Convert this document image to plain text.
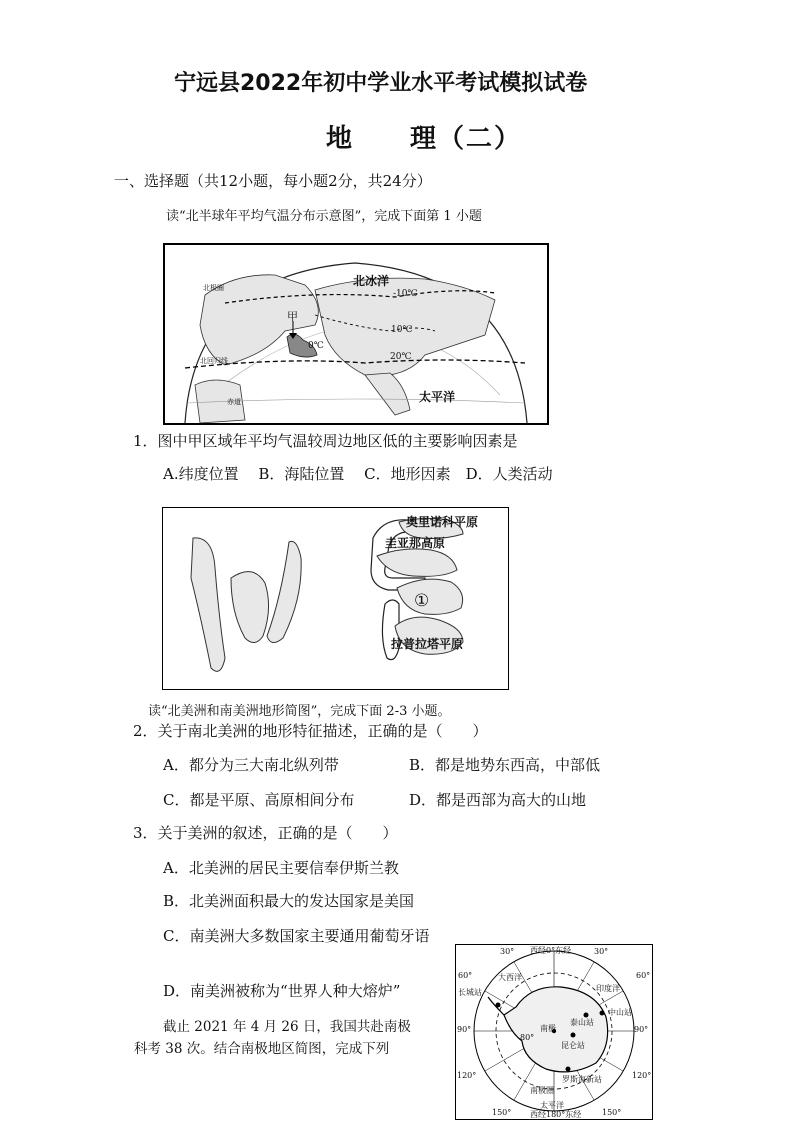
宁远县2022年初中学业水平考试模拟试卷
地　　理（二）
一、选择题（共12小题，每小题2分，共24分）
读“北半球年平均气温分布示意图”，完成下面第 1 小题
北冰洋
太平洋
甲
-10℃
10℃
0℃
20℃
北极圈
北回归线
赤道
1．图中甲区域年平均气温较周边地区低的主要影响因素是
A.纬度位置　 B．海陆位置　 C．地形因素　D．人类活动
奥里诺科平原
圭亚那高原
①
拉普拉塔平原
读“北美洲和南美洲地形简图”，完成下面 2-3 小题。
2．关于南北美洲的地形特征描述，正确的是（　　）
A．都分为三大南北纵列带	B．都是地势东西高，中部低
C．都是平原、高原相间分布	D．都是西部为高大的山地
3．关于美洲的叙述，正确的是（　　）
A．北美洲的居民主要信奉伊斯兰教
B．北美洲面积最大的发达国家是美国
C．南美洲大多数国家主要通用葡萄牙语
D．南美洲被称为“世界人种大熔炉”
截止 2021 年 4 月 26 日，我国共赴南极
科考 38 次。结合南极地区简图，完成下列
西经0°东经
西经180°东经
30°	30°
60°	60°
90°	90°
120°	120°
150°	150°
大西洋
印度洋
太平洋
长城站
泰山站
中山站
昆仑站
南极
罗斯海新站
南极圈
80°
